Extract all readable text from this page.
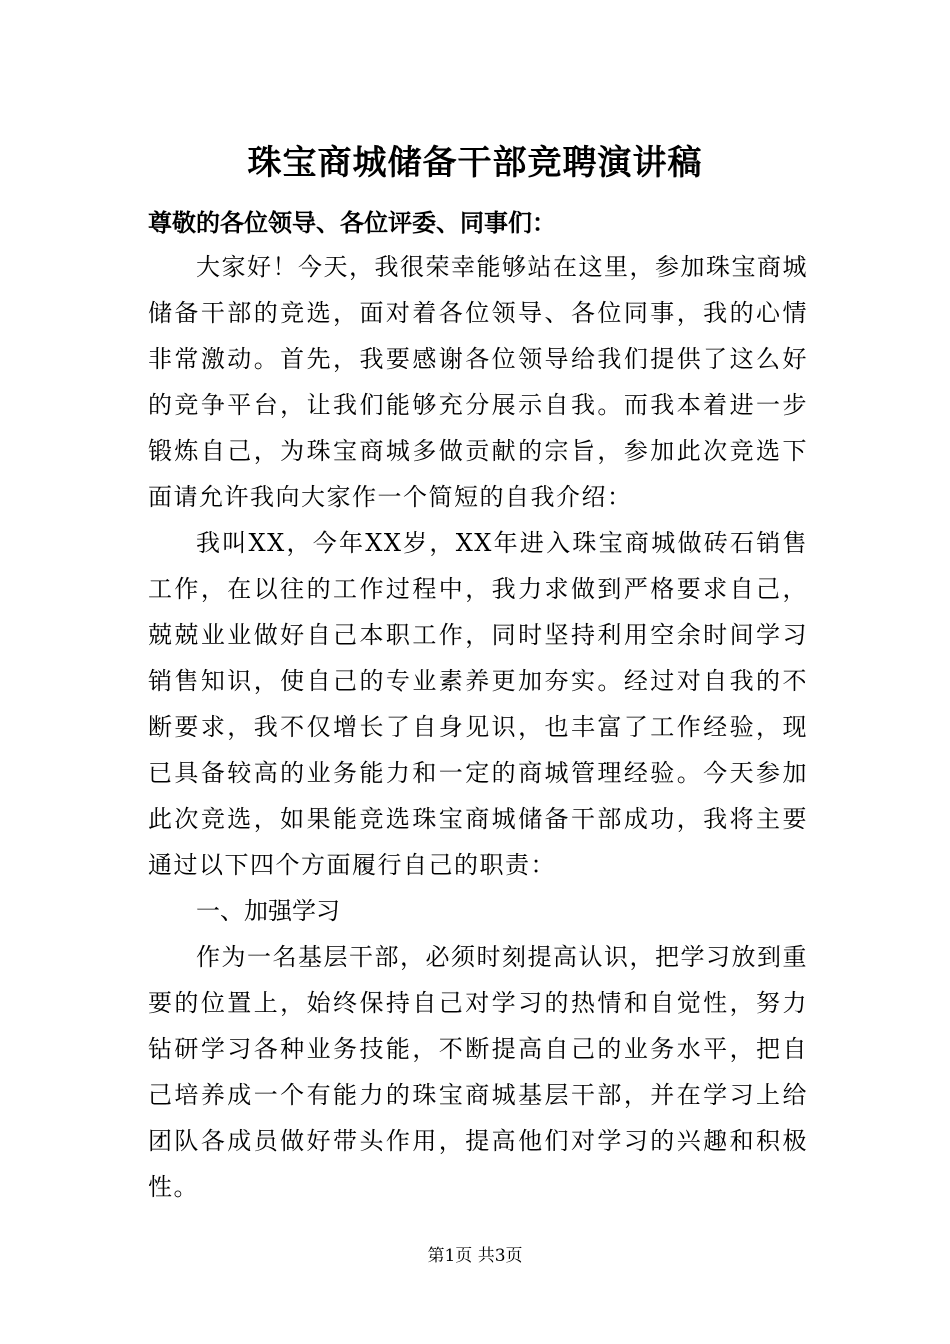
珠宝商城储备干部竞聘演讲稿
尊敬的各位领导、各位评委、同事们：

大家好！今天，我很荣幸能够站在这里，参加珠宝商城储备干部的竞选，面对着各位领导、各位同事，我的心情非常激动。首先，我要感谢各位领导给我们提供了这么好的竞争平台，让我们能够充分展示自我。而我本着进一步锻炼自己，为珠宝商城多做贡献的宗旨，参加此次竞选下面请允许我向大家作一个简短的自我介绍：

我叫XX，今年XX岁，XX年进入珠宝商城做砖石销售工作，在以往的工作过程中，我力求做到严格要求自己，兢兢业业做好自己本职工作，同时坚持利用空余时间学习销售知识，使自己的专业素养更加夯实。经过对自我的不断要求，我不仅增长了自身见识，也丰富了工作经验，现已具备较高的业务能力和一定的商城管理经验。今天参加此次竞选，如果能竞选珠宝商城储备干部成功，我将主要通过以下四个方面履行自己的职责：

一、加强学习

作为一名基层干部，必须时刻提高认识，把学习放到重要的位置上，始终保持自己对学习的热情和自觉性，努力钻研学习各种业务技能，不断提高自己的业务水平，把自己培养成一个有能力的珠宝商城基层干部，并在学习上给团队各成员做好带头作用，提高他们对学习的兴趣和积极性。

第1页 共3页
